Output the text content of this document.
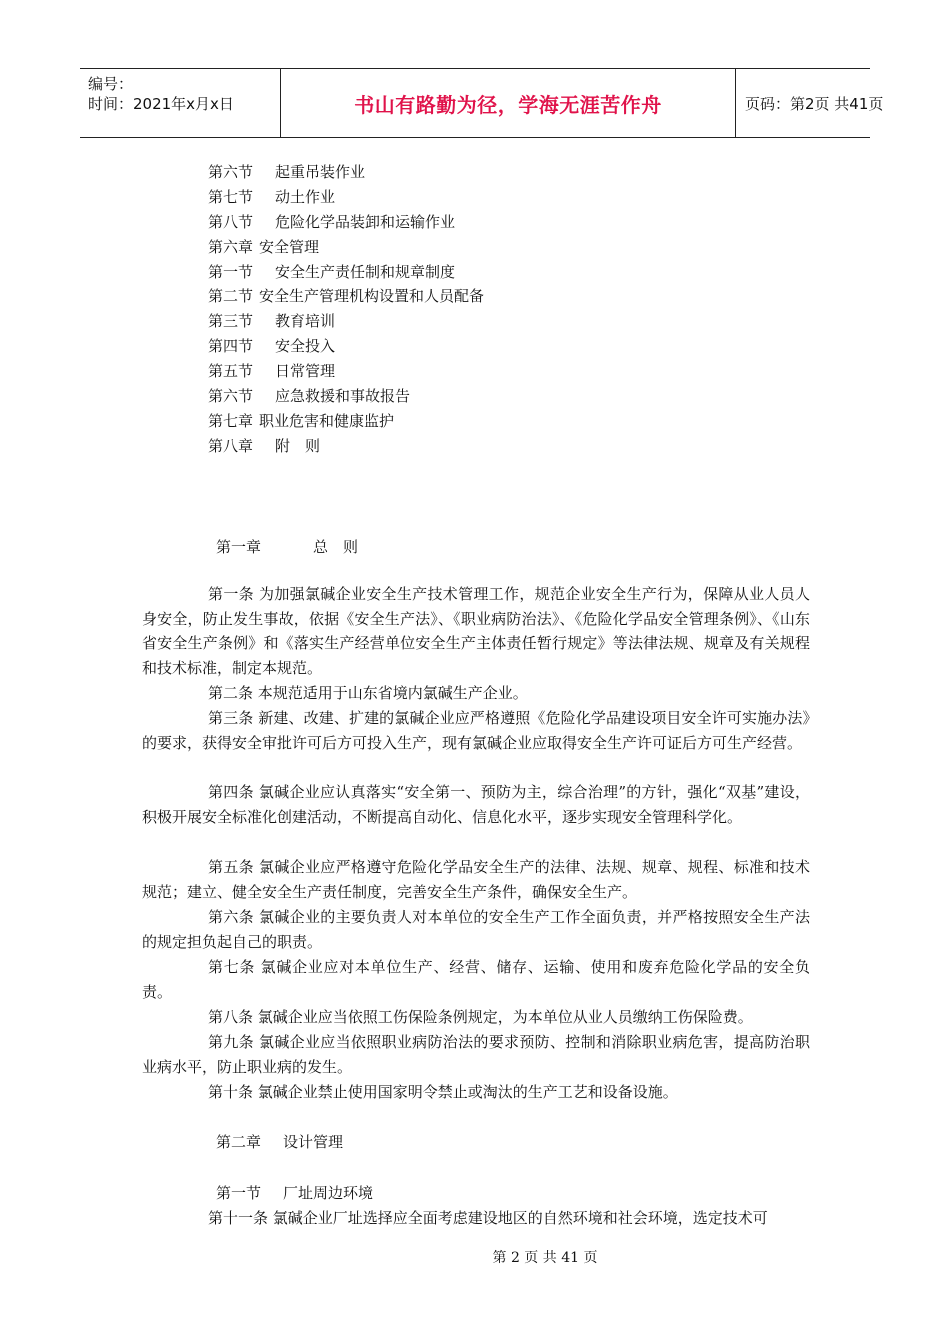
编号：
时间：2021年x月x日	书山有路勤为径，学海无涯苦作舟	页码：第2页 共41页
第六节 起重吊装作业
第七节 动土作业
第八节 危险化学品装卸和运输作业
第六章 安全管理
第一节 安全生产责任制和规章制度
第二节 安全生产管理机构设置和人员配备
第三节 教育培训
第四节 安全投入
第五节 日常管理
第六节 应急救援和事故报告
第七章 职业危害和健康监护
第八章 附　则
第一章	总　则
第一条 为加强氯碱企业安全生产技术管理工作，规范企业安全生产行为，保障从业人员人身安全，防止发生事故，依据《安全生产法》、《职业病防治法》、《危险化学品安全管理条例》、《山东省安全生产条例》和《落实生产经营单位安全生产主体责任暂行规定》等法律法规、规章及有关规程和技术标准，制定本规范。
第二条 本规范适用于山东省境内氯碱生产企业。
第三条 新建、改建、扩建的氯碱企业应严格遵照《危险化学品建设项目安全许可实施办法》的要求，获得安全审批许可后方可投入生产，现有氯碱企业应取得安全生产许可证后方可生产经营。
第四条 氯碱企业应认真落实“安全第一、预防为主，综合治理”的方针，强化“双基”建设，积极开展安全标准化创建活动，不断提高自动化、信息化水平，逐步实现安全管理科学化。
第五条 氯碱企业应严格遵守危险化学品安全生产的法律、法规、规章、规程、标准和技术规范；建立、健全安全生产责任制度，完善安全生产条件，确保安全生产。
第六条 氯碱企业的主要负责人对本单位的安全生产工作全面负责，并严格按照安全生产法的规定担负起自己的职责。
第七条 氯碱企业应对本单位生产、经营、储存、运输、使用和废弃危险化学品的安全负责。
第八条 氯碱企业应当依照工伤保险条例规定，为本单位从业人员缴纳工伤保险费。
第九条 氯碱企业应当依照职业病防治法的要求预防、控制和消除职业病危害，提高防治职业病水平，防止职业病的发生。
第十条 氯碱企业禁止使用国家明令禁止或淘汰的生产工艺和设备设施。
第二章 设计管理
第一节 厂址周边环境
第十一条 氯碱企业厂址选择应全面考虑建设地区的自然环境和社会环境，选定技术可
第 2 页 共 41 页
